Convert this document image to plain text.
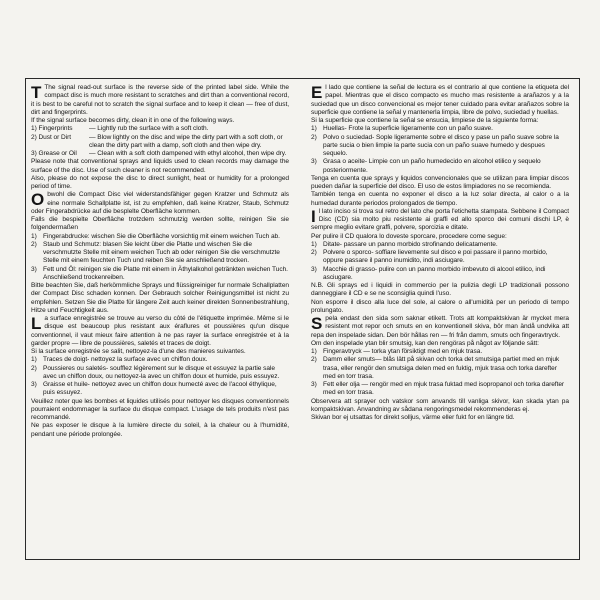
T The signal read-out surface is the reverse side of the printed label side. While the compact disc is much more resistant to scratches and dirt than a conventional record, it is best to be careful not to scratch the signal surface and to keep it clean — free of dust, dirt and fingerprints.

If the signal surface becomes dirty, clean it in one of the following ways.

1) Fingerprints	— Lightly rub the surface with a soft cloth.
2) Dust or Dirt	— Blow lightly on the disc and wipe the dirty part with a soft cloth, or clean the dirty part with a damp, soft cloth and then wipe dry.
3) Grease or Oil	— Clean with a soft cloth dampened with ethyl alcohol, then wipe dry.

Please note that conventional sprays and liquids used to clean records may damage the surface of the disc. Use of such cleaner is not recommended.

Also, please do not expose the disc to direct sunlight, heat or humidity for a prolonged period of time.

Obwohl die Compact Disc viel widerstandsfähiger gegen Kratzer und Schmutz als eine normale Schallplatte ist, ist zu empfehlen, daß keine Kratzer, Staub, Schmutz oder Fingerabdrücke auf die besplelte Oberfläche kommen.

Falls die bespielte Oberfläche trotzdem schmutzig werden sollte, reinigen Sie sie folgendermaßen

1) Fingerabdrucke: wischen Sie die Oberfläche vorsichtig mit einem weichen Tuch ab.
2) Staub und Schmutz: blasen Sie leicht über die Platte und wischen Sie die verschmutzte Stelle mit einem weichen Tuch ab oder reinigen Sie die verschmutzte Stelle mit einem feuchten Tuch und reiben Sie sie anschließend trocken.
3) Fett und Öl: reinigen sie die Platte mit einem in Äthylalkohol getränkten weichen Tuch. Anschließend trockenreiben.

Bitte beachten Sie, daß herkömmliche Sprays und flüssigreiniger fur normale Schallplatten der Compact Disc schaden konnen. Der Gebrauch solcher Reinigungsmittel ist nicht zu empfehlen. Setzen Sie die Platte für längere Zeit auch keiner direkten Sonnenbestrahlung, Hitze und Feuchtigkeit aus.

La surface enregistrée se trouve au verso du côté de l'étiquette imprimée. Même si le disque est beaucoup plus resistant aux éraflures et poussières qu'un disque conventionnel, il vaut mieux faire attention à ne pas rayer la surface enregistrée et à la garder propre — libre de poussières, saletés et traces de doigt.

Si la surface enregistrée se salit, nettoyez-la d'une des manieres suivantes.

1) Traces de doigt- nettoyez la surface avec un chiffon doux.
2) Poussieres ou saletés- soufflez légèrement sur le disque et essuyez la partie sale avec un chiffon doux, ou nettoyez-la avec un chiffon doux et humide, puis essuyez.
3) Graisse et huile- nettoyez avec un chiffon doux humecté avec de l'acool éthylique, puis essuyez.

Veuillez noter que les bombes et liquides utilisés pour nettoyer les disques conventionnels pourraient endommager la surface du disque compact. L'usage de tels produits n'est pas recommandé.

Ne pas exposer le disque à la lumière directe du soleil, à la chaleur ou à l'humidité, pendant une période prolongée.

El lado que contiene la señal de lectura es el contrario al que contiene la etiqueta del papel. Mientras que el disco compacto es mucho mas resistente a arañazos y a la suciedad que un disco convencional es mejor tener cuidado para evitar arañazos sobre la superficie que contiene la señal y mantenerla limpia, libre de polvo, suciedad y huellas.

Si la superficie que contiene la señal se ensucia, limpiese de la siguiente forma:

1) Huellas- Frote la superficie ligeramente con un paño suave.
2) Polvo o suciedad- Sople ligeramente sobre el disco y pase un paño suave sobre la parte sucia o bien limpie la parte sucia con un paño suave humedo y despues sequelo.
3) Grasa o aceite- Limpie con un paño humedecido en alcohol etilico y sequelo posteriormente.

Tenga en cuenta que sprays y liquidos convencionales que se utilizan para limpiar discos pueden dañar la superficie del disco. El uso de estos limpiadores no se recomienda.

También tenga en cuenta no exponer el disco a la luz solar directa, al calor o a la humedad durante periodos prolongados de tiempo.

Il lato inciso si trova sul retro del lato che porta l'etichetta stampata. Sebbene il Compact Disc (CD) sia molto piu resistente ai graffi ed allo sporco dei comuni dischi LP, è sempre meglio evitare graffi, polvere, sporcizia e ditate.

Per pulire il CD qualora lo doveste sporcare, procedere come segue:

1) Ditate- passare un panno morbido strofinando delicatamente.
2) Polvere o sporco- soffiare lievemente sul disco e poi passare il panno morbido, oppure passare il panno inumidito, indi asciugare.
3) Macchie di grasso- pulire con un panno morbido imbevuto di alcool etilico, indi asciugare.

N.B. Gli sprays ed i liquidi in commercio per la pulizia degli LP tradizionali possono danneggiare il CD e se ne sconsiglia quindi l'uso.

Non esporre il disco alla luce del sole, al calore o all'umidità per un periodo di tempo prolungato.

Spela endast den sida som saknar etikett. Trots att kompaktskivan är mycket mera resistent mot repor och smuts en en konventionell skiva, bör man ändå undvika att repa den inspelade sidan. Den bör hållas ren — fri från damm, smuts och fingeravtryck.

Om den inspelade ytan blir smutsig, kan den rengöras på något av följande sätt:

1) Fingeravtryck — torka ytan försiktigt med en mjuk trasa.
2) Damm eller smuts— blås lätt på skivan och torka det smutsiga partiet med en mjuk trasa, eller rengör den smutsiga delen med en fuktig, mjuk trasa och torka darefter med en torr trasa.
3) Fett eller olja — rengör med en mjuk trasa fuktad med isopropanol och torka darefter med en torr trasa.

Observera att sprayer och vatskor som anvands till vanliga skivor, kan skada ytan pa kompaktskivan. Anvandning av sådana rengoringsmedel rekommenderas ej.

Skivan bor ej utsattas for direkt solljus, värme eller fukt for en längre tid.
